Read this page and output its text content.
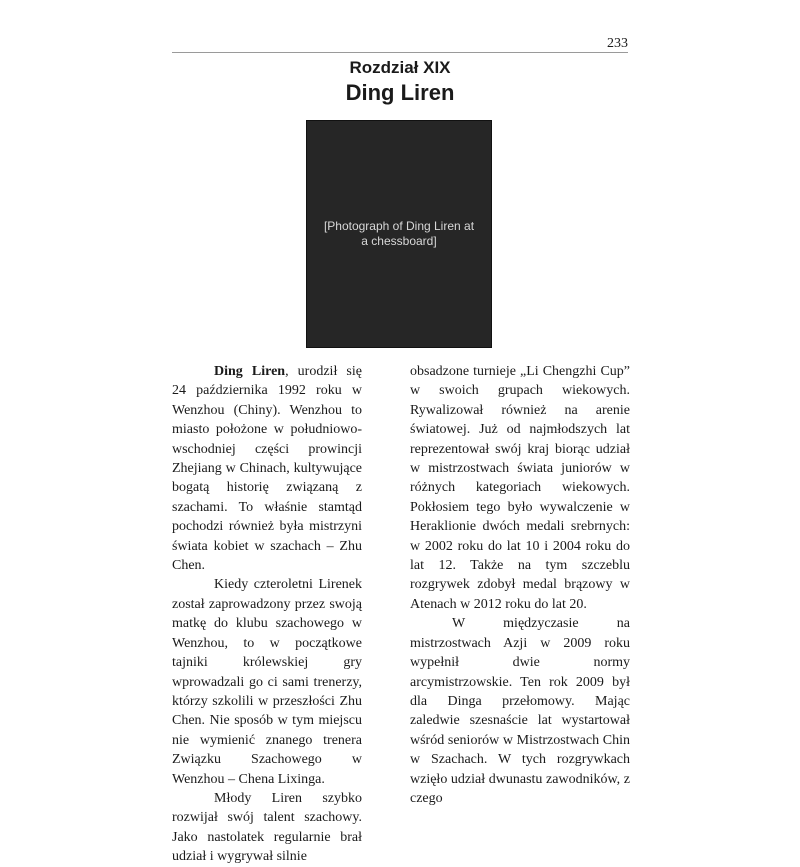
233
Rozdział XIX
Ding Liren
[Photograph of Ding Liren at a chessboard]

Ding Liren, urodził się 24 października 1992 roku w Wenzhou (Chiny). Wenzhou to miasto położone w południowo-wschodniej części prowincji Zhejiang w Chinach, kultywujące bogatą historię związaną z szachami. To właśnie stamtąd pochodzi również była mistrzyni świata kobiet w szachach – Zhu Chen.

Kiedy czteroletni Lirenek został zaprowadzony przez swoją matkę do klubu szachowego w Wenzhou, to w początkowe tajniki królewskiej gry wprowadzali go ci sami trenerzy, którzy szkolili w przeszłości Zhu Chen. Nie sposób w tym miejscu nie wymienić znanego trenera Związku Szachowego w Wenzhou – Chena Lixinga.

Młody Liren szybko rozwijał swój talent szachowy. Jako nastolatek regularnie brał udział i wygrywał silnie

obsadzone turnieje „Li Chengzhi Cup” w swoich grupach wiekowych. Rywalizował również na arenie światowej. Już od najmłodszych lat reprezentował swój kraj biorąc udział w mistrzostwach świata juniorów w różnych kategoriach wiekowych. Pokłosiem tego było wywalczenie w Heraklionie dwóch medali srebrnych: w 2002 roku do lat 10 i 2004 roku do lat 12. Także na tym szczeblu rozgrywek zdobył medal brązowy w Atenach w 2012 roku do lat 20.

W międzyczasie na mistrzostwach Azji w 2009 roku wypełnił dwie normy arcymistrzowskie. Ten rok 2009 był dla Dinga przełomowy. Mając zaledwie szesnaście lat wystartował wśród seniorów w Mistrzostwach Chin w Szachach. W tych rozgrywkach wzięło udział dwunastu zawodników, z czego
